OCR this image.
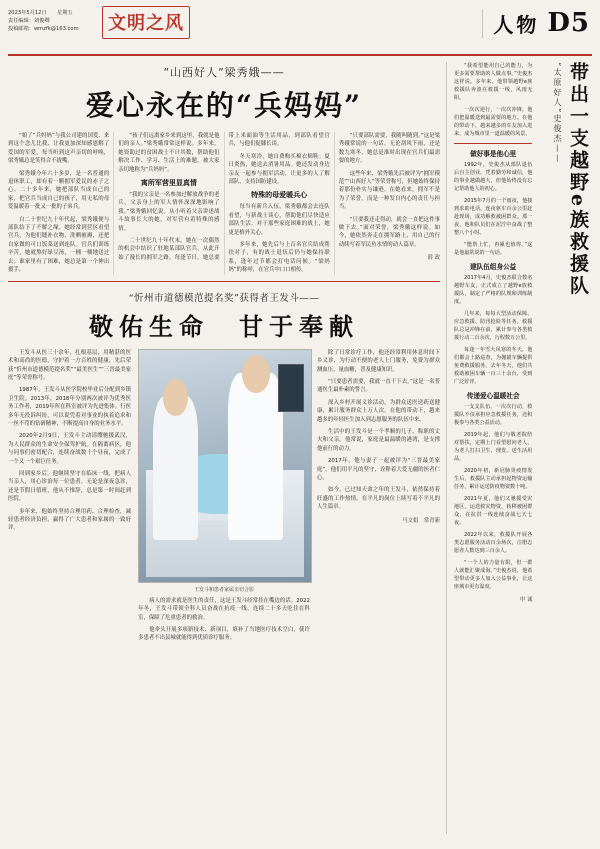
2023年5月12日　　星期五
责任编辑：刘俊卿
投稿邮箱：wmzfk@163.com	文明之风	人物 D5
“山西好人”梁秀娥——
爱心永在的“兵妈妈”

“娘了”兵妈妈”与我公司建的国爱、来到这个念儿比我、让我更加深知感恩解了爱国的军爱，每当听到这声亲切的呼唤，梁秀娥总是笑得合不拢嘴。

梁秀娥今年六十多岁，是一名普通的退休职工，却有着一颗拥军爱民的赤子之心。二十多年来，她把部队当成自己的家，把官兵当成自己的孩子，用无私的母爱温暖着一批又一批的子弟兵。

自二十世纪九十年代起，梁秀娥便与部队结下了不解之缘。她经常到营区看望官兵，为他们缝补衣物、洗晒被褥，还把自家做的可口饭菜送到连队。官兵们训练辛苦，她就熬好绿豆汤，一桶一桶地送过去；谁家里有了困难，她总是第一个伸出援手。

“孩子们远离家乡来到这里，我就是他们的亲人。”梁秀娥常常这样说。多年来，她资助过的贫困战士不计其数，帮助他们解决工作、学习、生活上的难题，被大家亲切地称为“兵妈妈”。

寓所军营里显真情

“我的父亲是一名参加过解放战争的老兵，父亲身上的军人情怀深深地影响了我。”梁秀娥回忆说。从小听着父亲讲述战斗故事长大的她，对军营有着特殊的感情。

二十世纪九十年代末，她在一次偶然的机会中结识了驻地某部队官兵，从此开始了漫长的拥军之路。每逢节日，她总要带上米面油等生活用品，到部队看望官兵，与他们促膝长谈。

冬天寒冷，她自费购买棉衣棉鞋；夏日炎热，她送去消暑用品。她还发动身边亲友一起参与拥军活动，让更多的人了解部队、支持国防建设。

特殊的母爱暖兵心

每当有新兵入伍，梁秀娥都会去连队看望，与新战士谈心，帮助他们尽快适应部队生活。对于那些家庭困难的战士，她更是格外关心。

多年来，她先后与上百名官兵结成帮扶对子，有的战士退伍后仍与她保持联系，逢年过节都会打电话问候。“梁妈妈”的称呼，在官兵中口口相传。

“只要部队需要，我随叫随到。”这是梁秀娥常说的一句话。无论刮风下雨，还是数九寒冬，她总是准时出现在官兵们最需要的地方。

这些年来，梁秀娥先后被评为“拥军模范”“山西好人”等荣誉称号，但她始终保持着那份朴实与谦逊。在她看来，拥军不是为了荣誉，而是一种发自内心的责任与担当。

“只要我还走得动，就会一直把这件事做下去。”面对荣誉，梁秀娥这样说。如今，她依然奔走在拥军路上，用自己的行动续写着军民鱼水情的动人篇章。

薛 政

“忻州市道德模范提名奖”获得者王发斗——
敬佑生命　甘于奉献

王发斗从医三十余年，扎根基层，用精湛的医术和高尚的医德，守护着一方百姓的健康，先后荣获“忻州市道德模范提名奖”“最美医生”“三晋最美家庭”等荣誉称号。

1987年，王发斗从医学院校毕业后分配到乡镇卫生院。2013年，2018年分别两次被评为优秀医务工作者，2019年所在科室被评为先进集体。行医多年无投诉纠纷，可以说凭着对事业的执着追求和一丝不苟的钻研精神，不断提高自身的业务水平。

2020年2月9日，王发斗主动请缨驰援武汉，为人民群众的生命安全保驾护航。在隔离病区，他与同事们密切配合，连续奋战数十个昼夜，完成了一个又一个艰巨任务。

回到家乡后，他继续坚守在临床一线，把病人当亲人，用心诊治每一位患者。无论是深夜急诊，还是节假日值班，他从不推辞，总是第一时间赶到医院。

多年来，他始终坚持合理用药、合理检查，减轻患者经济负担，赢得了广大患者和家属的一致好评。

王发斗和患者家属亲切合影

病人的需求就是医生的责任，这是王发斗经常挂在嘴边的话。2022年冬，王发斗带领全科人员奋战在抗疫一线，连续二十多天吃住在科室，保障了危重患者的救治。

他牵头开展多项新技术、新项目，填补了当地医疗技术空白，使许多患者不出县城就能得到优质诊疗服务。

除了日常诊疗工作，他还经常利用休息时间下乡义诊，为行动不便的老人上门服务，免费为群众测血压、量血糖，普及健康知识。

“只要患者需要，我就一直干下去。”这是一名普通医生最朴素的誓言。

深入乡村开展义诊活动，为群众送医送药送健康，累计服务群众上万人次。在他的带动下，越来越多的年轻医生加入到志愿服务的队伍中来。

生活中的王发斗是一个孝顺的儿子、称职的丈夫和父亲。他常说，家庭是最温暖的港湾，是支撑他前行的动力。

2017年，他与妻子一起被评为“三晋最美家庭”。他们用平凡的坚守，诠释着大爱无疆的医者仁心。

如今，已过知天命之年的王发斗，依然保持着旺盛的工作热情，在平凡的岗位上续写着不平凡的人生篇章。

马文娟　常青新

“我希望能用自己的能力，为更多需要帮助的人做点事。”史俊杰这样说。多年来，他带领越野e族救援队奔波在救援一线，风雨无阻。

一次次逆行，一次次冲锋，他们把温暖送到最需要的地方。在他的带动下，越来越多的车友加入进来，成为城市里一道温暖的风景。

做好事是他心里

1992年，史俊杰从部队退伍后自主创业。凭着勤劳和诚信，他的事业越做越大，但他始终没有忘记帮助他人的初心。

2015年7月的一个雨夜，他接到求助电话，连夜驱车百余公里赶赴现场，成功解救被困群众。那一夜，他和队员们在泥泞中奋战了整整八个小时。

“能帮上忙，再累也值得。”这是他最常说的一句话。

建队伍组身公益

2017年4月，史俊杰联合数名越野车友，正式成立了越野e族救援队，制定了严格的队规和训练制度。

几年来，每每大型活动保障、应急救援、防汛抢险等任务，救援队总是冲锋在前，累计参与各类救援行动二百余次，行程数万公里。

每逢一年雪大风寒的冬天，他们都会上路巡查，为抛锚车辆提供免费救援服务。去年冬天，他们共救助被困车辆一百三十余台，受到广泛好评。

传递爱心温暖社会

一支支队伍、一次次行动，救援队不仅承担应急救援任务，还积极参与各类公益活动。

2019年起，他们与敬老院结对帮扶，定期上门看望慰问老人，为老人打扫卫生、理发、送生活用品。

2020年初，新冠肺炎疫情发生后，救援队主动承担起物资运输任务，累计运送防疫物资数十吨。

2021年夏，他们又驰援受灾地区，运送救灾物资，转移被困群众，在抗洪一线连续奋战七天七夜。

2022年以来，救援队开展各类志愿服务活动百余场次，注册志愿者人数达到三百余人。

“一个人的力量有限，但一群人就能汇聚成海。”史俊杰说，他希望带动更多人加入公益事业，让这座城市更有温度。

申 诚

带出一支越野e族救援队
“太原好人”史俊杰——
